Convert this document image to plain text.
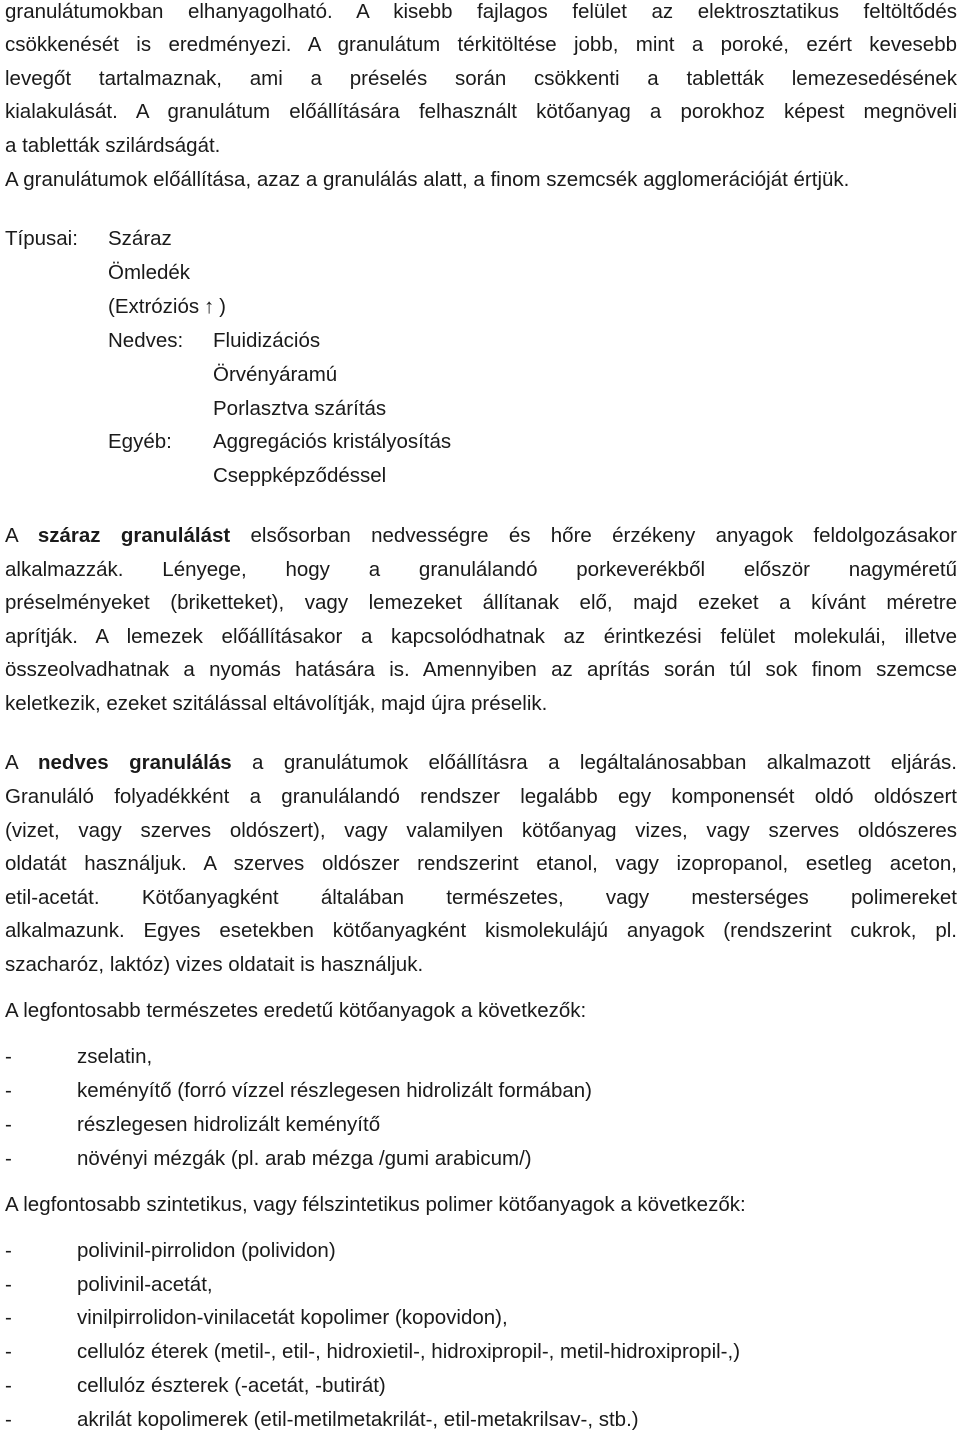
granulátumokban elhanyagolható. A kisebb fajlagos felület az elektrosztatikus feltöltődés
csökkenését is eredményezi. A granulátum térkitöltése jobb, mint a poroké, ezért kevesebb
levegőt tartalmaznak, ami a préselés során csökkenti a tabletták lemezesedésének
kialakulását. A granulátum előállítására felhasznált kötőanyag a porokhoz képest megnöveli
a tabletták szilárdságát.
A granulátumok előállítása, azaz a granulálás alatt, a finom szemcsék agglomerációját értjük.
Típusai: Száraz
Ömledék
(Extróziós ↑ )
Nedves: Fluidizációs
Örvényáramú
Porlasztva szárítás
Egyéb: Aggregációs kristályosítás
Cseppképződéssel
A száraz granulálást elsősorban nedvességre és hőre érzékeny anyagok feldolgozásakor
alkalmazzák. Lényege, hogy a granulálandó porkeverékből először nagyméretű
préselményeket (briketteket), vagy lemezeket állítanak elő, majd ezeket a kívánt méretre
aprítják. A lemezek előállításakor a kapcsolódhatnak az érintkezési felület molekulái, illetve
összeolvadhatnak a nyomás hatására is. Amennyiben az aprítás során túl sok finom szemcse
keletkezik, ezeket szitálással eltávolítják, majd újra préselik.
A nedves granulálás a granulátumok előállításra a legáltalánosabban alkalmazott eljárás.
Granuláló folyadékként a granulálandó rendszer legalább egy komponensét oldó oldószert
(vizet, vagy szerves oldószert), vagy valamilyen kötőanyag vizes, vagy szerves oldószeres
oldatát használjuk. A szerves oldószer rendszerint etanol, vagy izopropanol, esetleg aceton,
etil-acetát. Kötőanyagként általában természetes, vagy mesterséges polimereket
alkalmazunk. Egyes esetekben kötőanyagként kismolekulájú anyagok (rendszerint cukrok, pl.
szacharóz, laktóz) vizes oldatait is használjuk.
A legfontosabb természetes eredetű kötőanyagok a következők:
-	zselatin,
-	keményítő (forró vízzel részlegesen hidrolizált formában)
-	részlegesen hidrolizált keményítő
-	növényi mézgák (pl. arab mézga /gumi arabicum/)
A legfontosabb szintetikus, vagy félszintetikus polimer kötőanyagok a következők:
-	polivinil-pirrolidon (polividon)
-	polivinil-acetát,
-	vinilpirrolidon-vinilacetát kopolimer (kopovidon),
-	cellulóz éterek (metil-, etil-, hidroxietil-, hidroxipropil-, metil-hidroxipropil-,)
-	cellulóz észterek (-acetát, -butirát)
-	akrilát kopolimerek (etil-metilmetakrilát-, etil-metakrilsav-, stb.)
